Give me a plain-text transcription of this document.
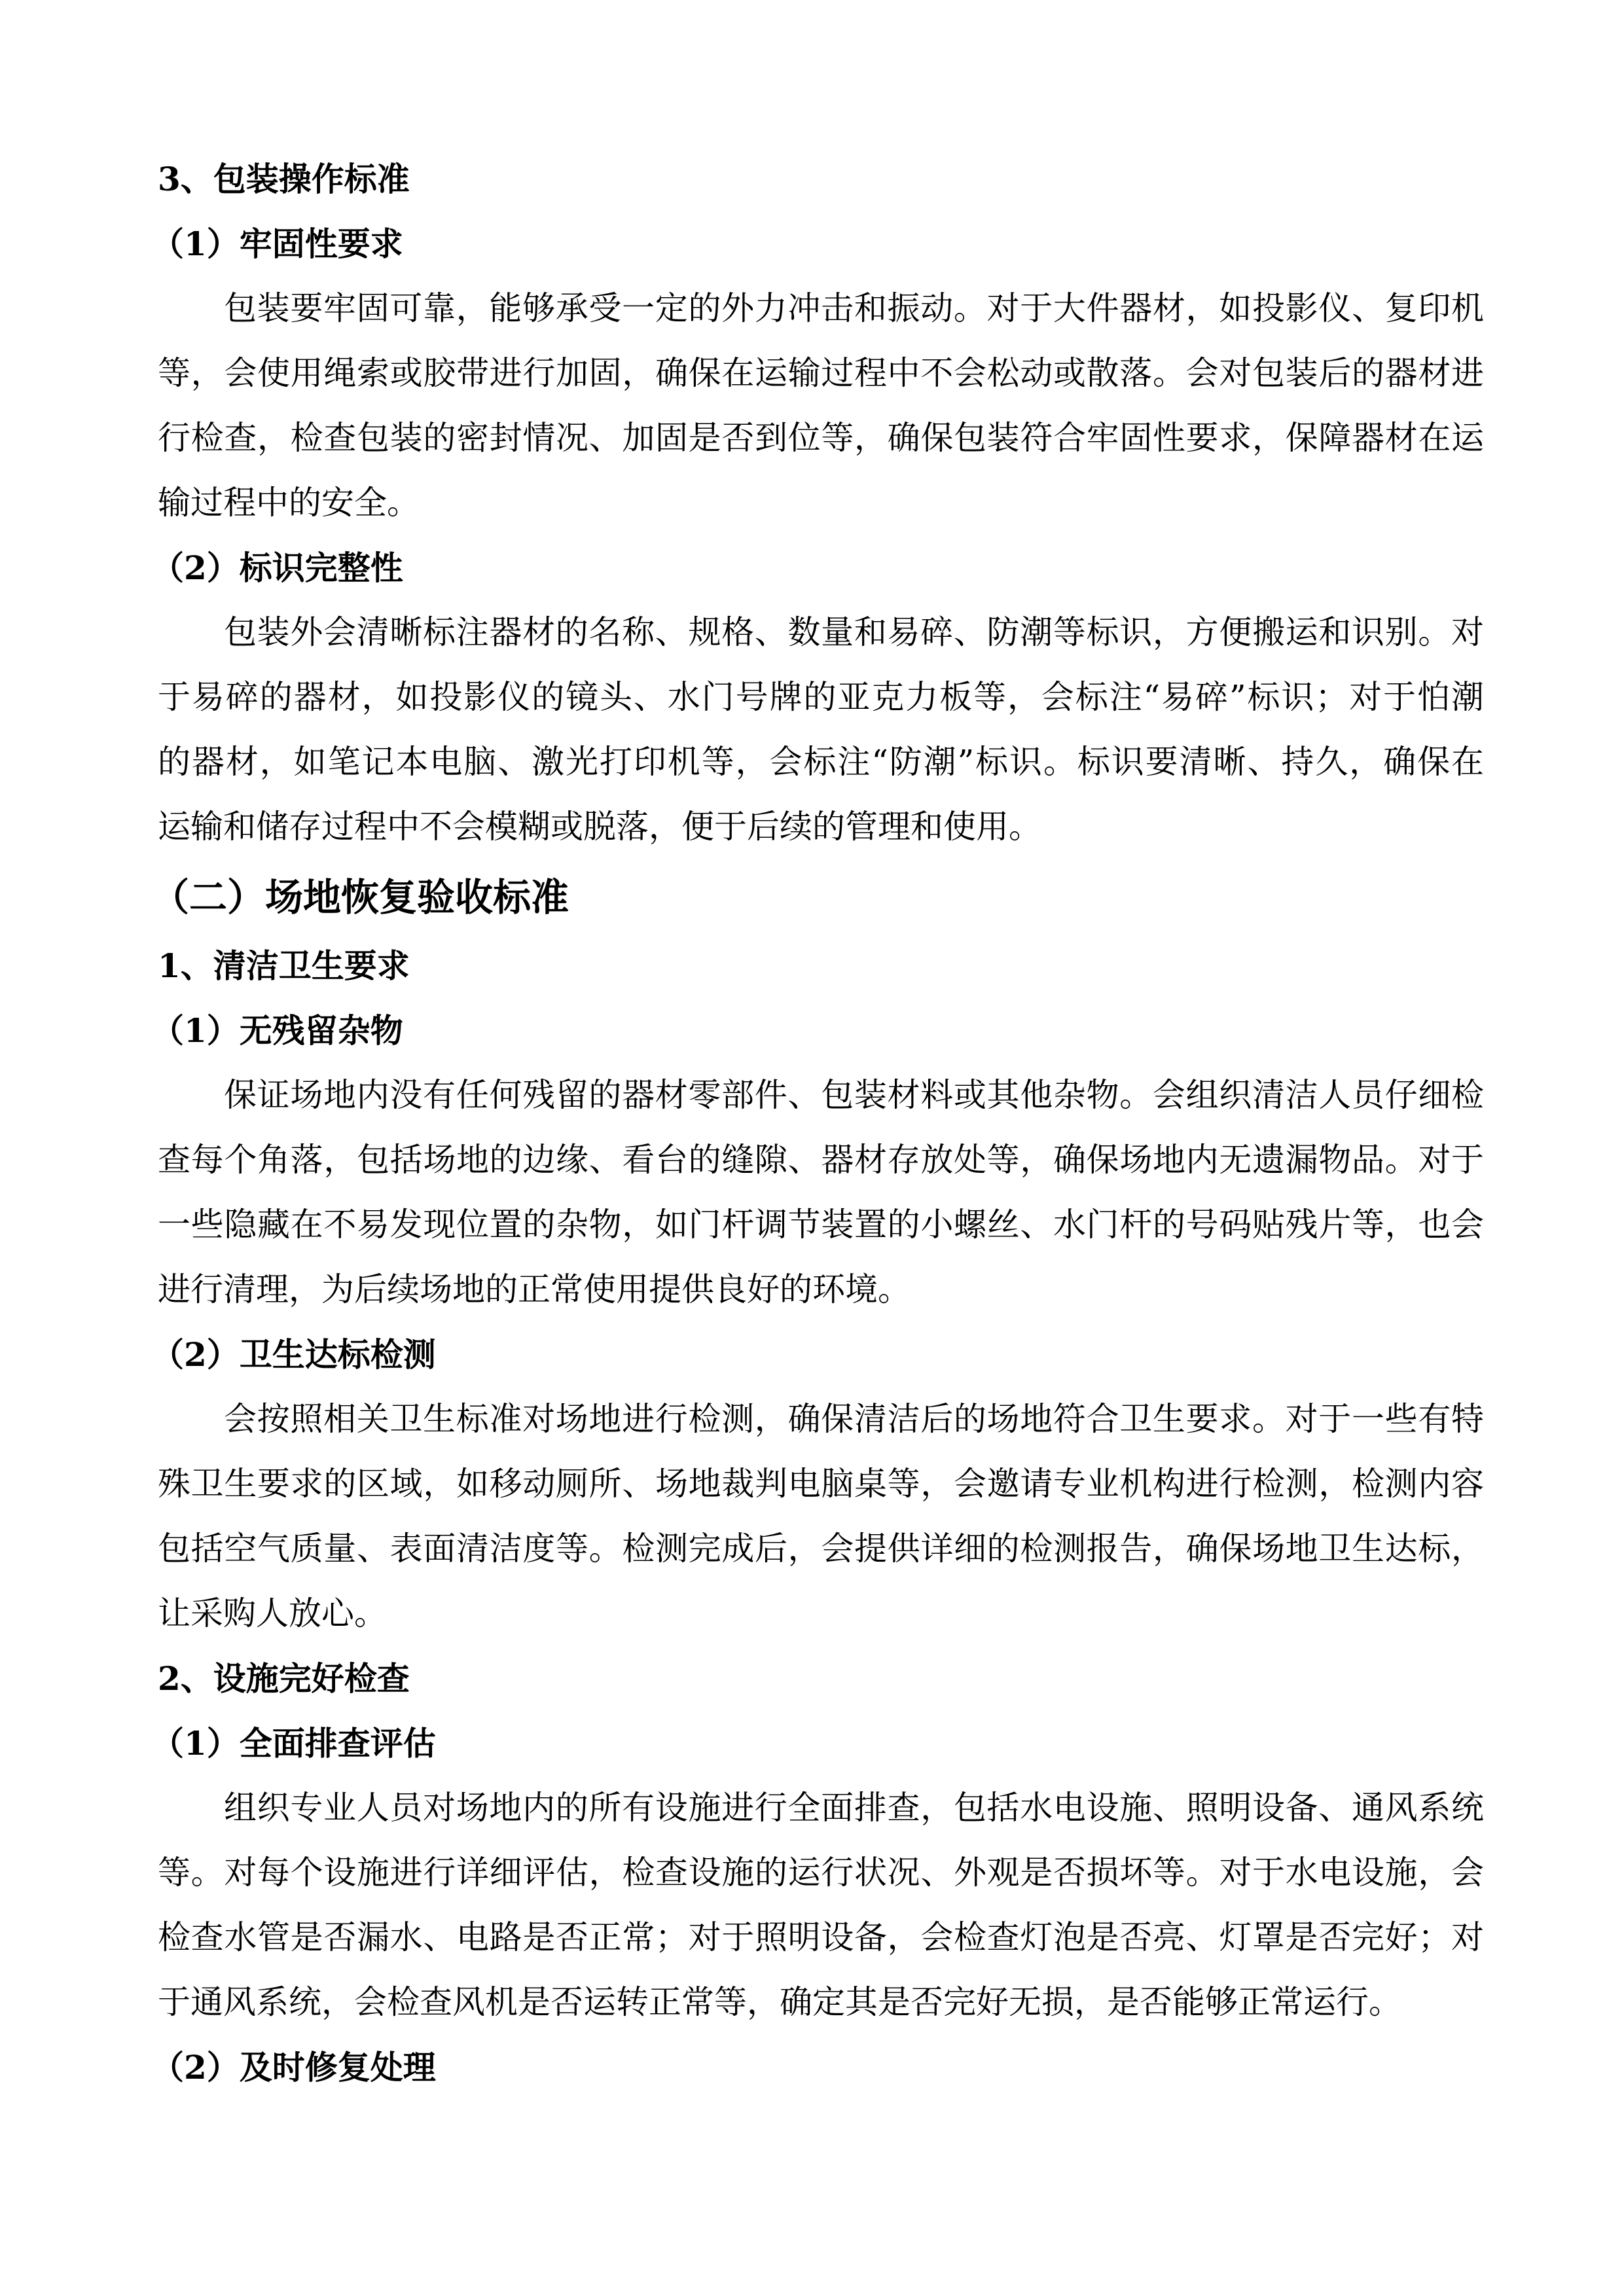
3、包装操作标准
（1）牢固性要求
包装要牢固可靠，能够承受一定的外力冲击和振动。对于大件器材，如投影仪、复印机
等，会使用绳索或胶带进行加固，确保在运输过程中不会松动或散落。会对包装后的器材进
行检查，检查包装的密封情况、加固是否到位等，确保包装符合牢固性要求，保障器材在运
输过程中的安全。
（2）标识完整性
包装外会清晰标注器材的名称、规格、数量和易碎、防潮等标识，方便搬运和识别。对
于易碎的器材，如投影仪的镜头、水门号牌的亚克力板等，会标注“易碎”标识；对于怕潮
的器材，如笔记本电脑、激光打印机等，会标注“防潮”标识。标识要清晰、持久，确保在
运输和储存过程中不会模糊或脱落，便于后续的管理和使用。
（二）场地恢复验收标准
1、清洁卫生要求
（1）无残留杂物
保证场地内没有任何残留的器材零部件、包装材料或其他杂物。会组织清洁人员仔细检
查每个角落，包括场地的边缘、看台的缝隙、器材存放处等，确保场地内无遗漏物品。对于
一些隐藏在不易发现位置的杂物，如门杆调节装置的小螺丝、水门杆的号码贴残片等，也会
进行清理，为后续场地的正常使用提供良好的环境。
（2）卫生达标检测
会按照相关卫生标准对场地进行检测，确保清洁后的场地符合卫生要求。对于一些有特
殊卫生要求的区域，如移动厕所、场地裁判电脑桌等，会邀请专业机构进行检测，检测内容
包括空气质量、表面清洁度等。检测完成后，会提供详细的检测报告，确保场地卫生达标，
让采购人放心。
2、设施完好检查
（1）全面排查评估
组织专业人员对场地内的所有设施进行全面排查，包括水电设施、照明设备、通风系统
等。对每个设施进行详细评估，检查设施的运行状况、外观是否损坏等。对于水电设施，会
检查水管是否漏水、电路是否正常；对于照明设备，会检查灯泡是否亮、灯罩是否完好；对
于通风系统，会检查风机是否运转正常等，确定其是否完好无损，是否能够正常运行。
（2）及时修复处理
